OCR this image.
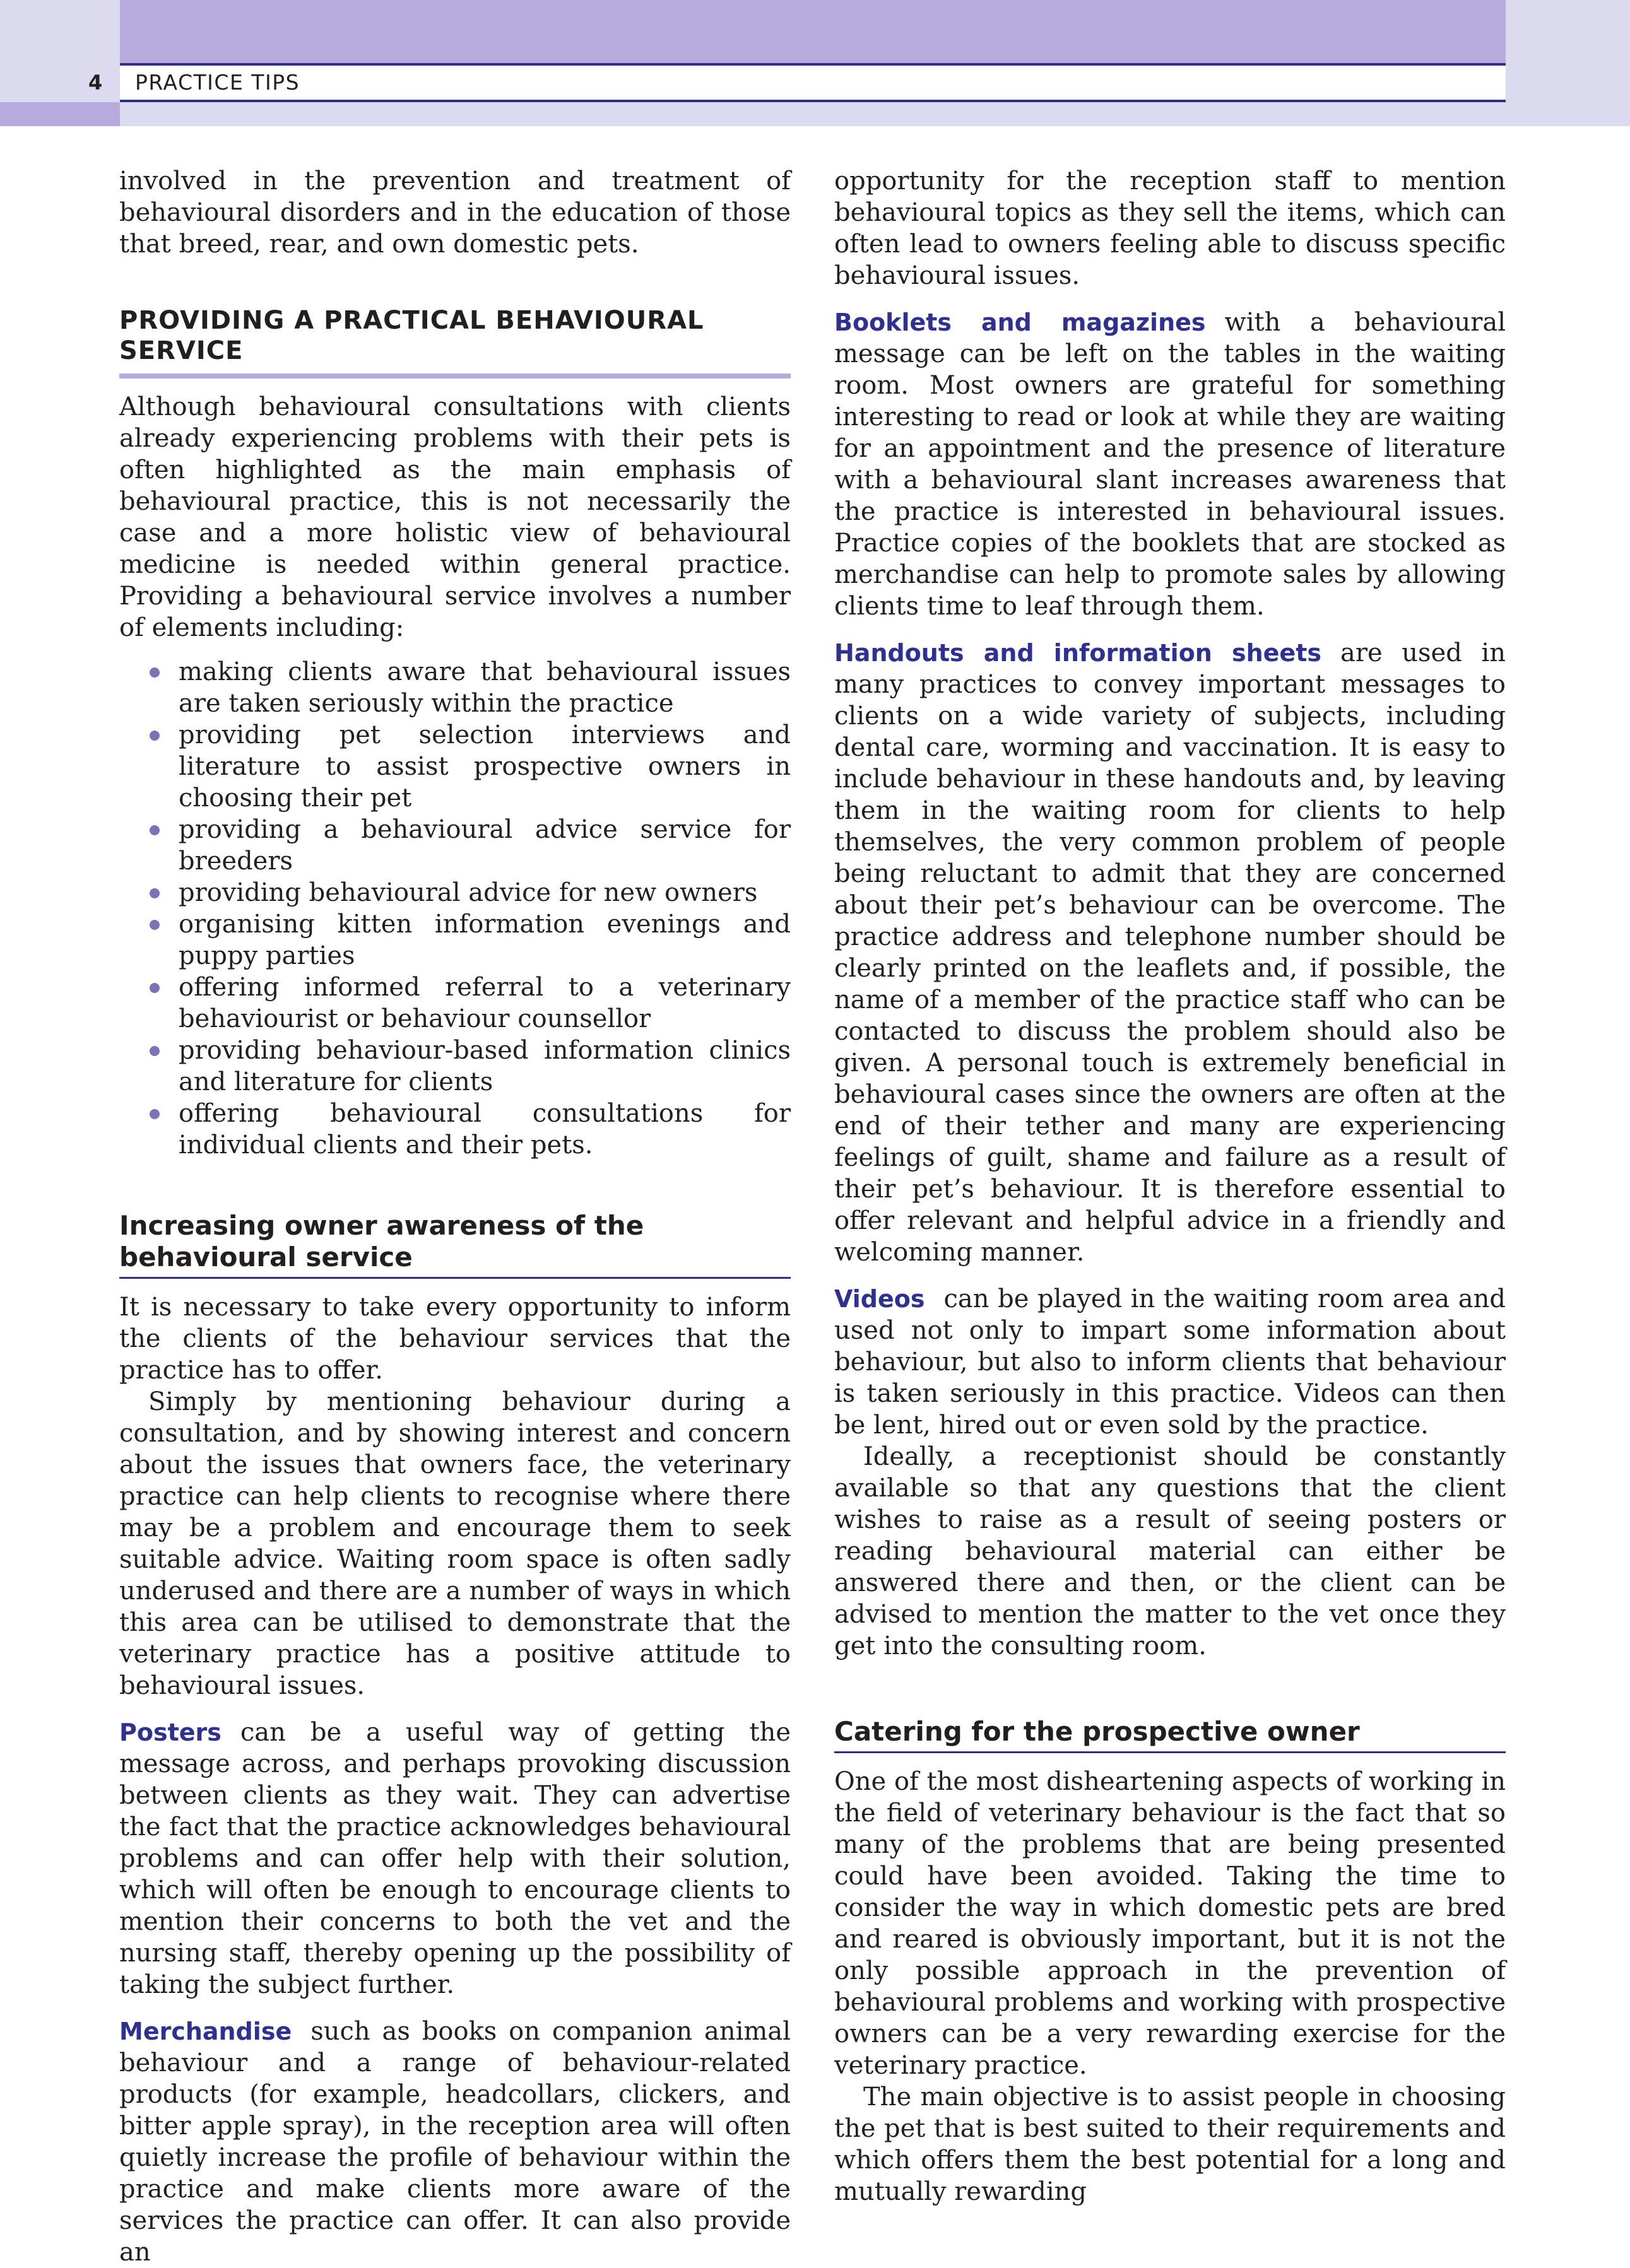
4 PRACTICE TIPS

involved in the prevention and treatment of behavioural disorders and in the education of those that breed, rear, and own domestic pets.

PROVIDING A PRACTICAL BEHAVIOURAL SERVICE

Although behavioural consultations with clients already experiencing problems with their pets is often highlighted as the main emphasis of behavioural practice, this is not necessarily the case and a more holistic view of behavioural medicine is needed within general practice. Providing a behavioural service involves a number of elements including:

making clients aware that behavioural issues are taken seriously within the practice
providing pet selection interviews and literature to assist prospective owners in choosing their pet
providing a behavioural advice service for breeders
providing behavioural advice for new owners
organising kitten information evenings and puppy parties
offering informed referral to a veterinary behaviourist or behaviour counsellor
providing behaviour-based information clinics and literature for clients
offering behavioural consultations for individual clients and their pets.
Increasing owner awareness of the behavioural service

It is necessary to take every opportunity to inform the clients of the behaviour services that the practice has to offer.

Simply by mentioning behaviour during a consultation, and by showing interest and concern about the issues that owners face, the veterinary practice can help clients to recognise where there may be a problem and encourage them to seek suitable advice. Waiting room space is often sadly underused and there are a number of ways in which this area can be utilised to demonstrate that the veterinary practice has a positive attitude to behavioural issues.

Posters can be a useful way of getting the message across, and perhaps provoking discussion between clients as they wait. They can advertise the fact that the practice acknowledges behavioural problems and can offer help with their solution, which will often be enough to encourage clients to mention their concerns to both the vet and the nursing staff, thereby opening up the possibility of taking the subject further.

Merchandise such as books on companion animal behaviour and a range of behaviour-related products (for example, headcollars, clickers, and bitter apple spray), in the reception area will often quietly increase the profile of behaviour within the practice and make clients more aware of the services the practice can offer. It can also provide an

opportunity for the reception staff to mention behavioural topics as they sell the items, which can often lead to owners feeling able to discuss specific behavioural issues.

Booklets and magazines with a behavioural message can be left on the tables in the waiting room. Most owners are grateful for something interesting to read or look at while they are waiting for an appointment and the presence of literature with a behavioural slant increases awareness that the practice is interested in behavioural issues. Practice copies of the booklets that are stocked as merchandise can help to promote sales by allowing clients time to leaf through them.

Handouts and information sheets are used in many practices to convey important messages to clients on a wide variety of subjects, including dental care, worming and vaccination. It is easy to include behaviour in these handouts and, by leaving them in the waiting room for clients to help themselves, the very common problem of people being reluctant to admit that they are concerned about their pet’s behaviour can be overcome. The practice address and telephone number should be clearly printed on the leaflets and, if possible, the name of a member of the practice staff who can be contacted to discuss the problem should also be given. A personal touch is extremely beneficial in behavioural cases since the owners are often at the end of their tether and many are experiencing feelings of guilt, shame and failure as a result of their pet’s behaviour. It is therefore essential to offer relevant and helpful advice in a friendly and welcoming manner.

Videos can be played in the waiting room area and used not only to impart some information about behaviour, but also to inform clients that behaviour is taken seriously in this practice. Videos can then be lent, hired out or even sold by the practice.

Ideally, a receptionist should be constantly available so that any questions that the client wishes to raise as a result of seeing posters or reading behavioural material can either be answered there and then, or the client can be advised to mention the matter to the vet once they get into the consulting room.

Catering for the prospective owner

One of the most disheartening aspects of working in the field of veterinary behaviour is the fact that so many of the problems that are being presented could have been avoided. Taking the time to consider the way in which domestic pets are bred and reared is obviously important, but it is not the only possible approach in the prevention of behavioural problems and working with prospective owners can be a very rewarding exercise for the veterinary practice.

The main objective is to assist people in choosing the pet that is best suited to their requirements and which offers them the best potential for a long and mutually rewarding
